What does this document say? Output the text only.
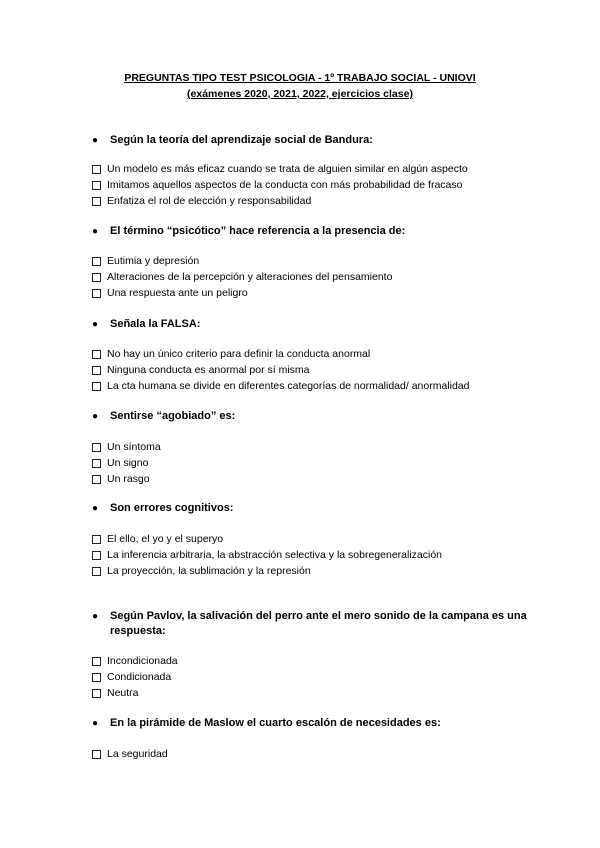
PREGUNTAS TIPO TEST PSICOLOGIA - 1º TRABAJO SOCIAL - UNIOVI
(exámenes 2020, 2021, 2022, ejercicios clase)
● Según la teoría del aprendizaje social de Bandura:
Un modelo es más eficaz cuando se trata de alguien similar en algún aspecto
Imitamos aquellos aspectos de la conducta con más probabilidad de fracaso
Enfatiza el rol de elección y responsabilidad
● El término “psicótico” hace referencia a la presencia de:
Eutimia y depresión
Alteraciones de la percepción y alteraciones del pensamiento
Una respuesta ante un peligro
● Señala la FALSA:
No hay un único criterio para definir la conducta anormal
Ninguna conducta es anormal por sí misma
La cta humana se divide en diferentes categorías de normalidad/ anormalidad
● Sentirse “agobiado” es:
Un síntoma
Un signo
Un rasgo
● Son errores cognitivos:
El ello, el yo y el superyo
La inferencia arbitraria, la abstracción selectiva y la sobregeneralización
La proyección, la sublimación y la represión
● Según Pavlov, la salivación del perro ante el mero sonido de la campana es una respuesta:
Incondicionada
Condicionada
Neutra
● En la pirámide de Maslow el cuarto escalón de necesidades es:
La seguridad
